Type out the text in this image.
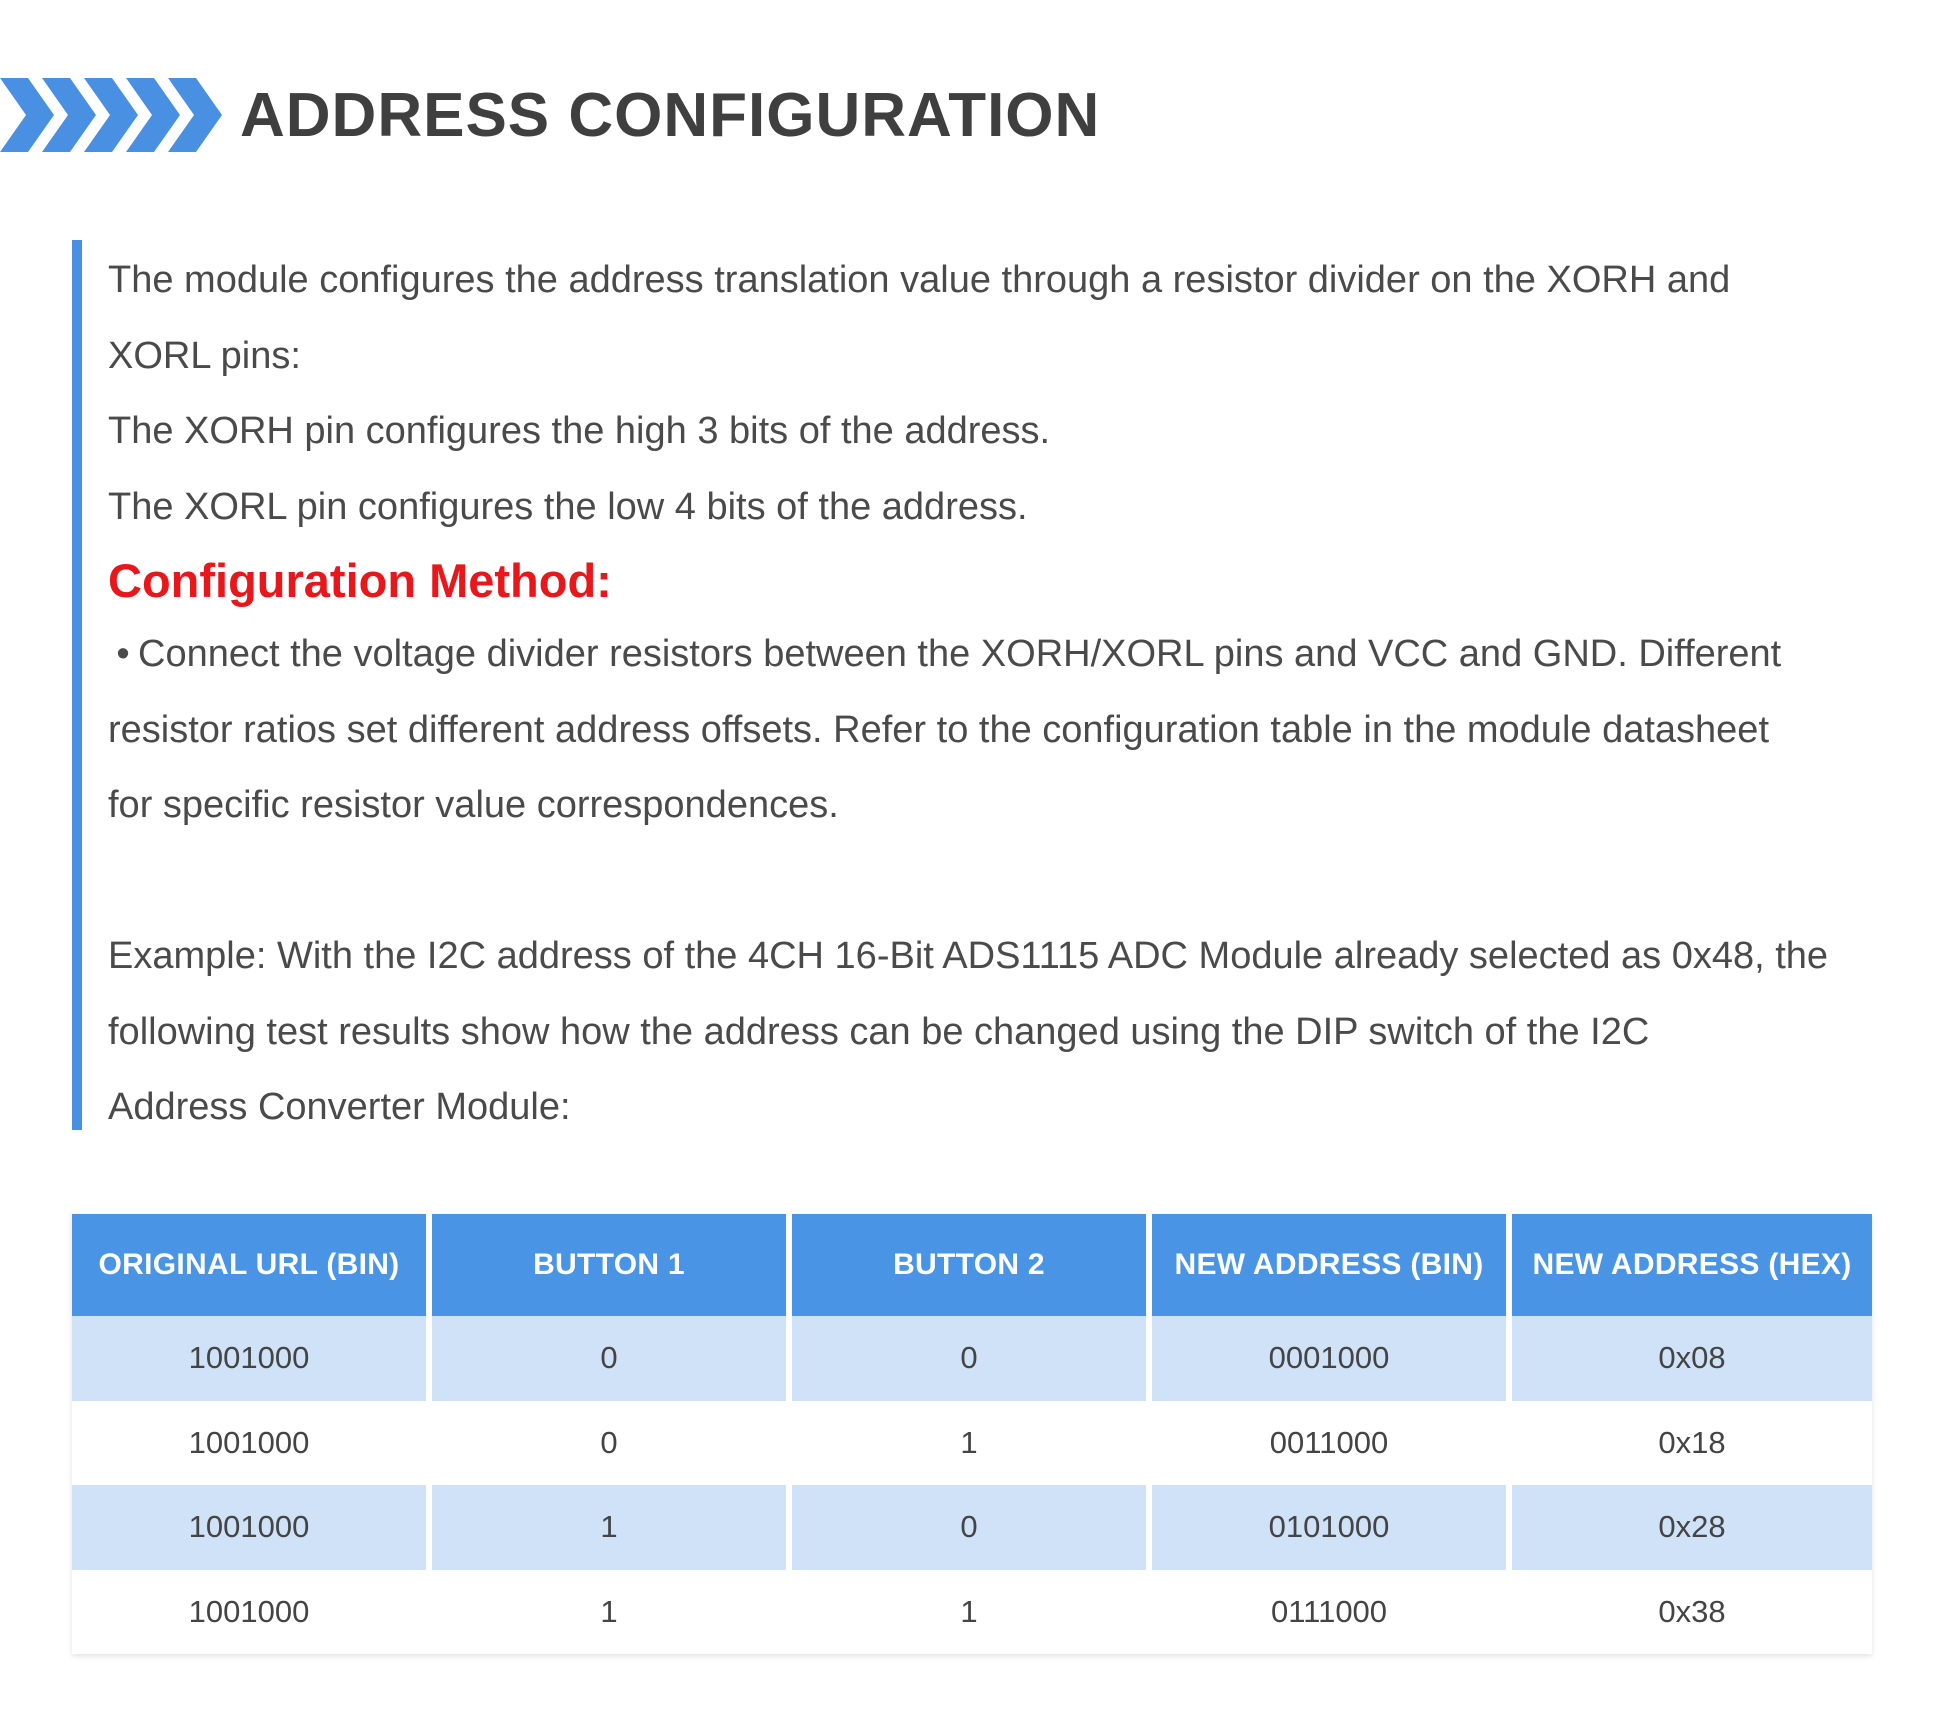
ADDRESS CONFIGURATION
The module configures the address translation value through a resistor divider on the XORH and
XORL pins:
The XORH pin configures the high 3 bits of the address.
The XORL pin configures the low 4 bits of the address.
Configuration Method:
• Connect the voltage divider resistors between the XORH/XORL pins and VCC and GND. Different
resistor ratios set different address offsets. Refer to the configuration table in the module datasheet
for specific resistor value correspondences.
Example: With the I2C address of the 4CH 16-Bit ADS1115 ADC Module already selected as 0x48, the
following test results show how the address can be changed using the DIP switch of the I2C
Address Converter Module:
ORIGINAL URL (BIN)	BUTTON 1	BUTTON 2	NEW ADDRESS (BIN)	NEW ADDRESS (HEX)
1001000	0	0	0001000	0x08
1001000	0	1	0011000	0x18
1001000	1	0	0101000	0x28
1001000	1	1	0111000	0x38
